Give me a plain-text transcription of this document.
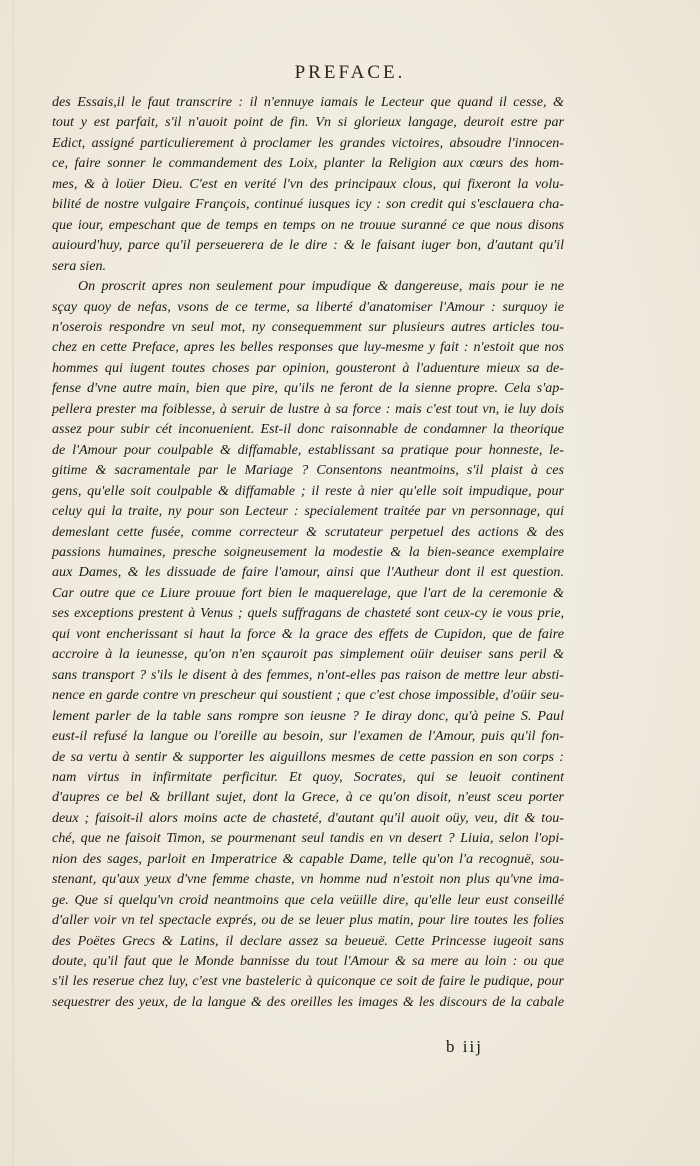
PREFACE.
des Essais,il le faut transcrire : il n'ennuye iamais le Lecteur que quand il cesse, &
tout y est parfait, s'il n'auoit point de fin. Vn si glorieux langage, deuroit estre par
Edict, assigné particulierement à proclamer les grandes victoires, absoudre l'innocen-
ce, faire sonner le commandement des Loix, planter la Religion aux cœurs des hom-
mes, & à loüer Dieu. C'est en verité l'vn des principaux clous, qui fixeront la volu-
bilité de nostre vulgaire François, continué iusques icy : son credit qui s'esclauera cha-
que iour, empeschant que de temps en temps on ne trouue suranné ce que nous disons
auiourd'huy, parce qu'il perseuerera de le dire : & le faisant iuger bon, d'autant qu'il
sera sien.
On proscrit apres non seulement pour impudique & dangereuse, mais pour ie ne
sçay quoy de nefas, vsons de ce terme, sa liberté d'anatomiser l'Amour : surquoy ie
n'oserois respondre vn seul mot, ny consequemment sur plusieurs autres articles tou-
chez en cette Preface, apres les belles responses que luy-mesme y fait : n'estoit que nos
hommes qui iugent toutes choses par opinion, gousteront à l'aduenture mieux sa de-
fense d'vne autre main, bien que pire, qu'ils ne feront de la sienne propre. Cela s'ap-
pellera prester ma foiblesse, à seruir de lustre à sa force : mais c'est tout vn, ie luy dois
assez pour subir cét inconuenient. Est-il donc raisonnable de condamner la theorique
de l'Amour pour coulpable & diffamable, establissant sa pratique pour honneste, le-
gitime & sacramentale par le Mariage ? Consentons neantmoins, s'il plaist à ces
gens, qu'elle soit coulpable & diffamable ; il reste à nier qu'elle soit impudique, pour
celuy qui la traite, ny pour son Lecteur : specialement traitée par vn personnage, qui
demeslant cette fusée, comme correcteur & scrutateur perpetuel des actions & des
passions humaines, presche soigneusement la modestie & la bien-seance exemplaire
aux Dames, & les dissuade de faire l'amour, ainsi que l'Autheur dont il est question.
Car outre que ce Liure prouue fort bien le maquerelage, que l'art de la ceremonie &
ses exceptions prestent à Venus ; quels suffragans de chasteté sont ceux-cy ie vous prie,
qui vont encherissant si haut la force & la grace des effets de Cupidon, que de faire
accroire à la ieunesse, qu'on n'en sçauroit pas simplement oüir deuiser sans peril &
sans transport ? s'ils le disent à des femmes, n'ont-elles pas raison de mettre leur absti-
nence en garde contre vn prescheur qui soustient ; que c'est chose impossible, d'oüir seu-
lement parler de la table sans rompre son ieusne ? Ie diray donc, qu'à peine S. Paul
eust-il refusé la langue ou l'oreille au besoin, sur l'examen de l'Amour, puis qu'il fon-
de sa vertu à sentir & supporter les aiguillons mesmes de cette passion en son corps :
nam virtus in infirmitate perficitur. Et quoy, Socrates, qui se leuoit continent
d'aupres ce bel & brillant sujet, dont la Grece, à ce qu'on disoit, n'eust sceu porter
deux ; faisoit-il alors moins acte de chasteté, d'autant qu'il auoit oüy, veu, dit & tou-
ché, que ne faisoit Timon, se pourmenant seul tandis en vn desert ? Liuia, selon l'opi-
nion des sages, parloit en Imperatrice & capable Dame, telle qu'on l'a recognuë, sou-
stenant, qu'aux yeux d'vne femme chaste, vn homme nud n'estoit non plus qu'vne ima-
ge. Que si quelqu'vn croid neantmoins que cela veüille dire, qu'elle leur eust conseillé
d'aller voir vn tel spectacle exprés, ou de se leuer plus matin, pour lire toutes les folies
des Poëtes Grecs & Latins, il declare assez sa beueuë. Cette Princesse iugeoit sans
doute, qu'il faut que le Monde bannisse du tout l'Amour & sa mere au loin : ou que
s'il les reserue chez luy, c'est vne basteleric à quiconque ce soit de faire le pudique, pour
sequestrer des yeux, de la langue & des oreilles les images & les discours de la cabale
b iij
